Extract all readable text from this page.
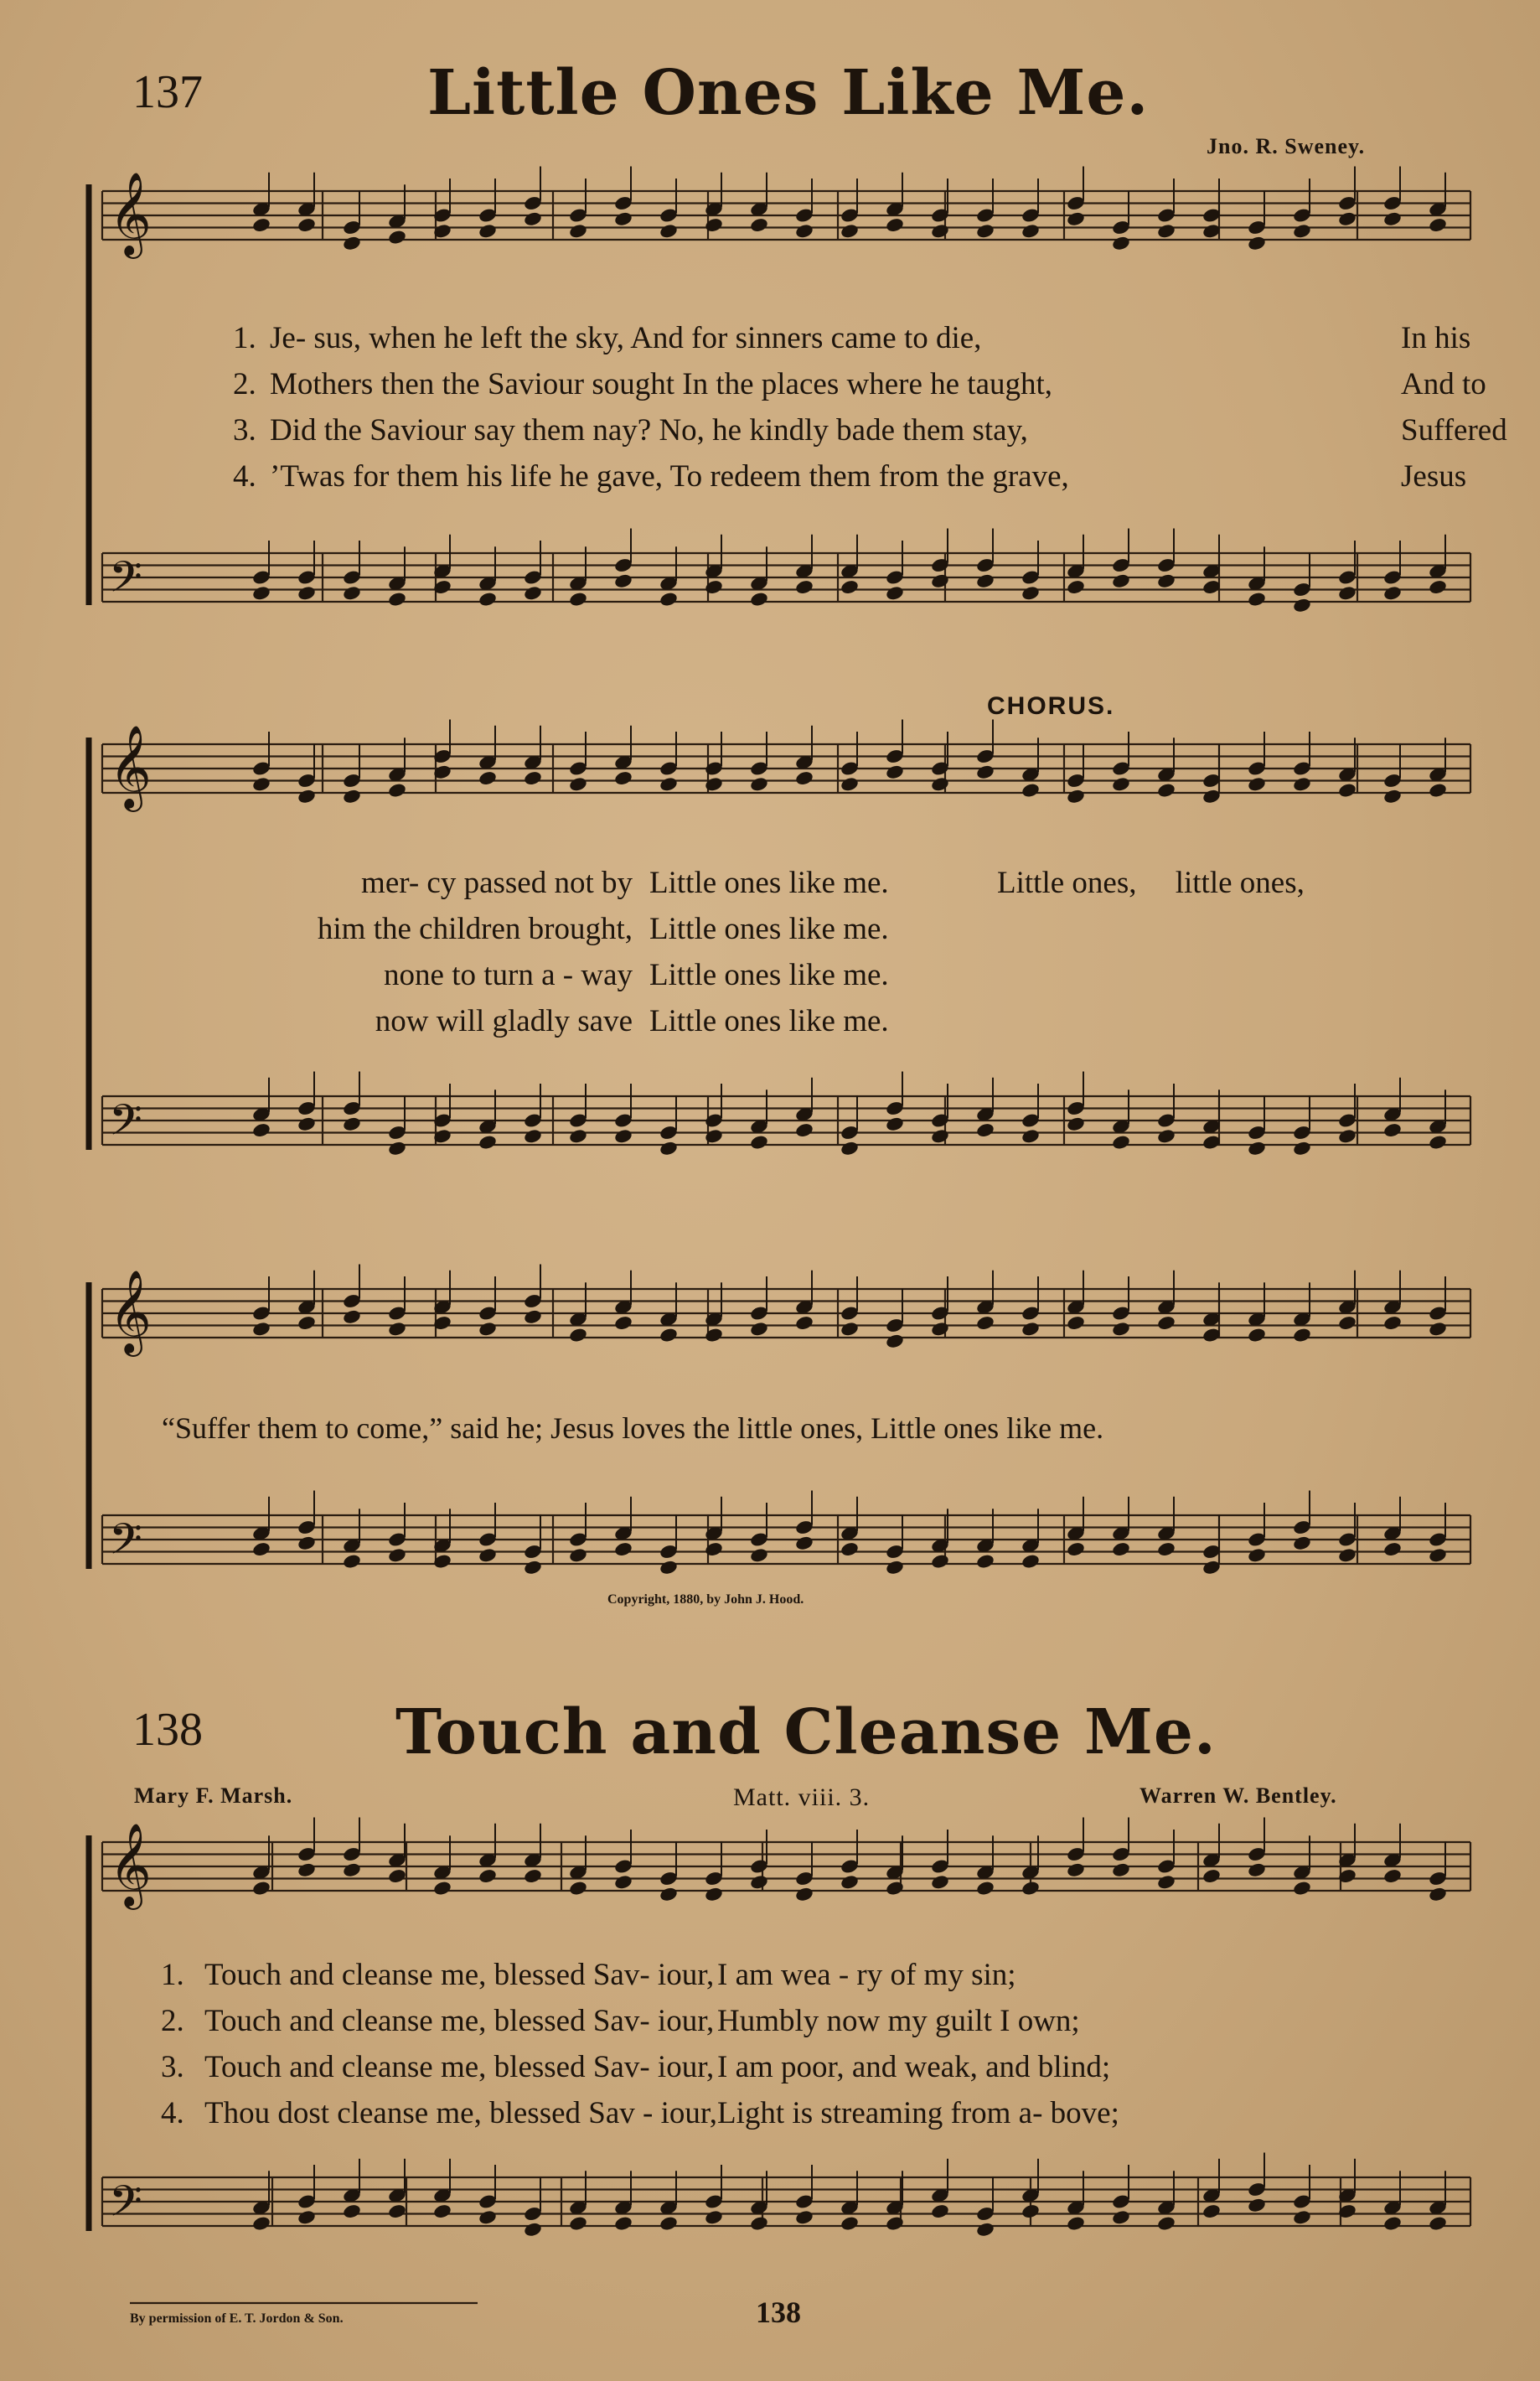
𝄞
𝄢
𝄞
𝄢
𝄞
𝄢
𝄞
𝄢
137	Little Ones Like Me.
Jno. R. Sweney.
1. Je- sus, when he left the sky, And for sinners came to die,	In his
2. Mothers then the Saviour sought In the places where he taught,	And to
3. Did the Saviour say them nay? No, he kindly bade them stay,	Suffered
4. ’Twas for them his life he gave, To redeem them from the grave,	Jesus
CHORUS.
mer- cy passed not by Little ones like me.	Little ones,     little ones,
him the children brought, Little ones like me.
none to turn a - way Little ones like me.
now will gladly save Little ones like me.
“Suffer them to come,” said he; Jesus loves the little ones, Little ones like me.
Copyright, 1880, by John J. Hood.
138	Touch and Cleanse Me.
Mary F. Marsh.	Matt. viii. 3.	Warren W. Bentley.
1. Touch and cleanse me, blessed Sav- iour, I am wea - ry of my sin;
2. Touch and cleanse me, blessed Sav- iour, Humbly now my guilt I own;
3. Touch and cleanse me, blessed Sav- iour, I am poor, and weak, and blind;
4. Thou dost cleanse me, blessed Sav - iour, Light is streaming from a- bove;
By permission of E. T. Jordon & Son.	138
